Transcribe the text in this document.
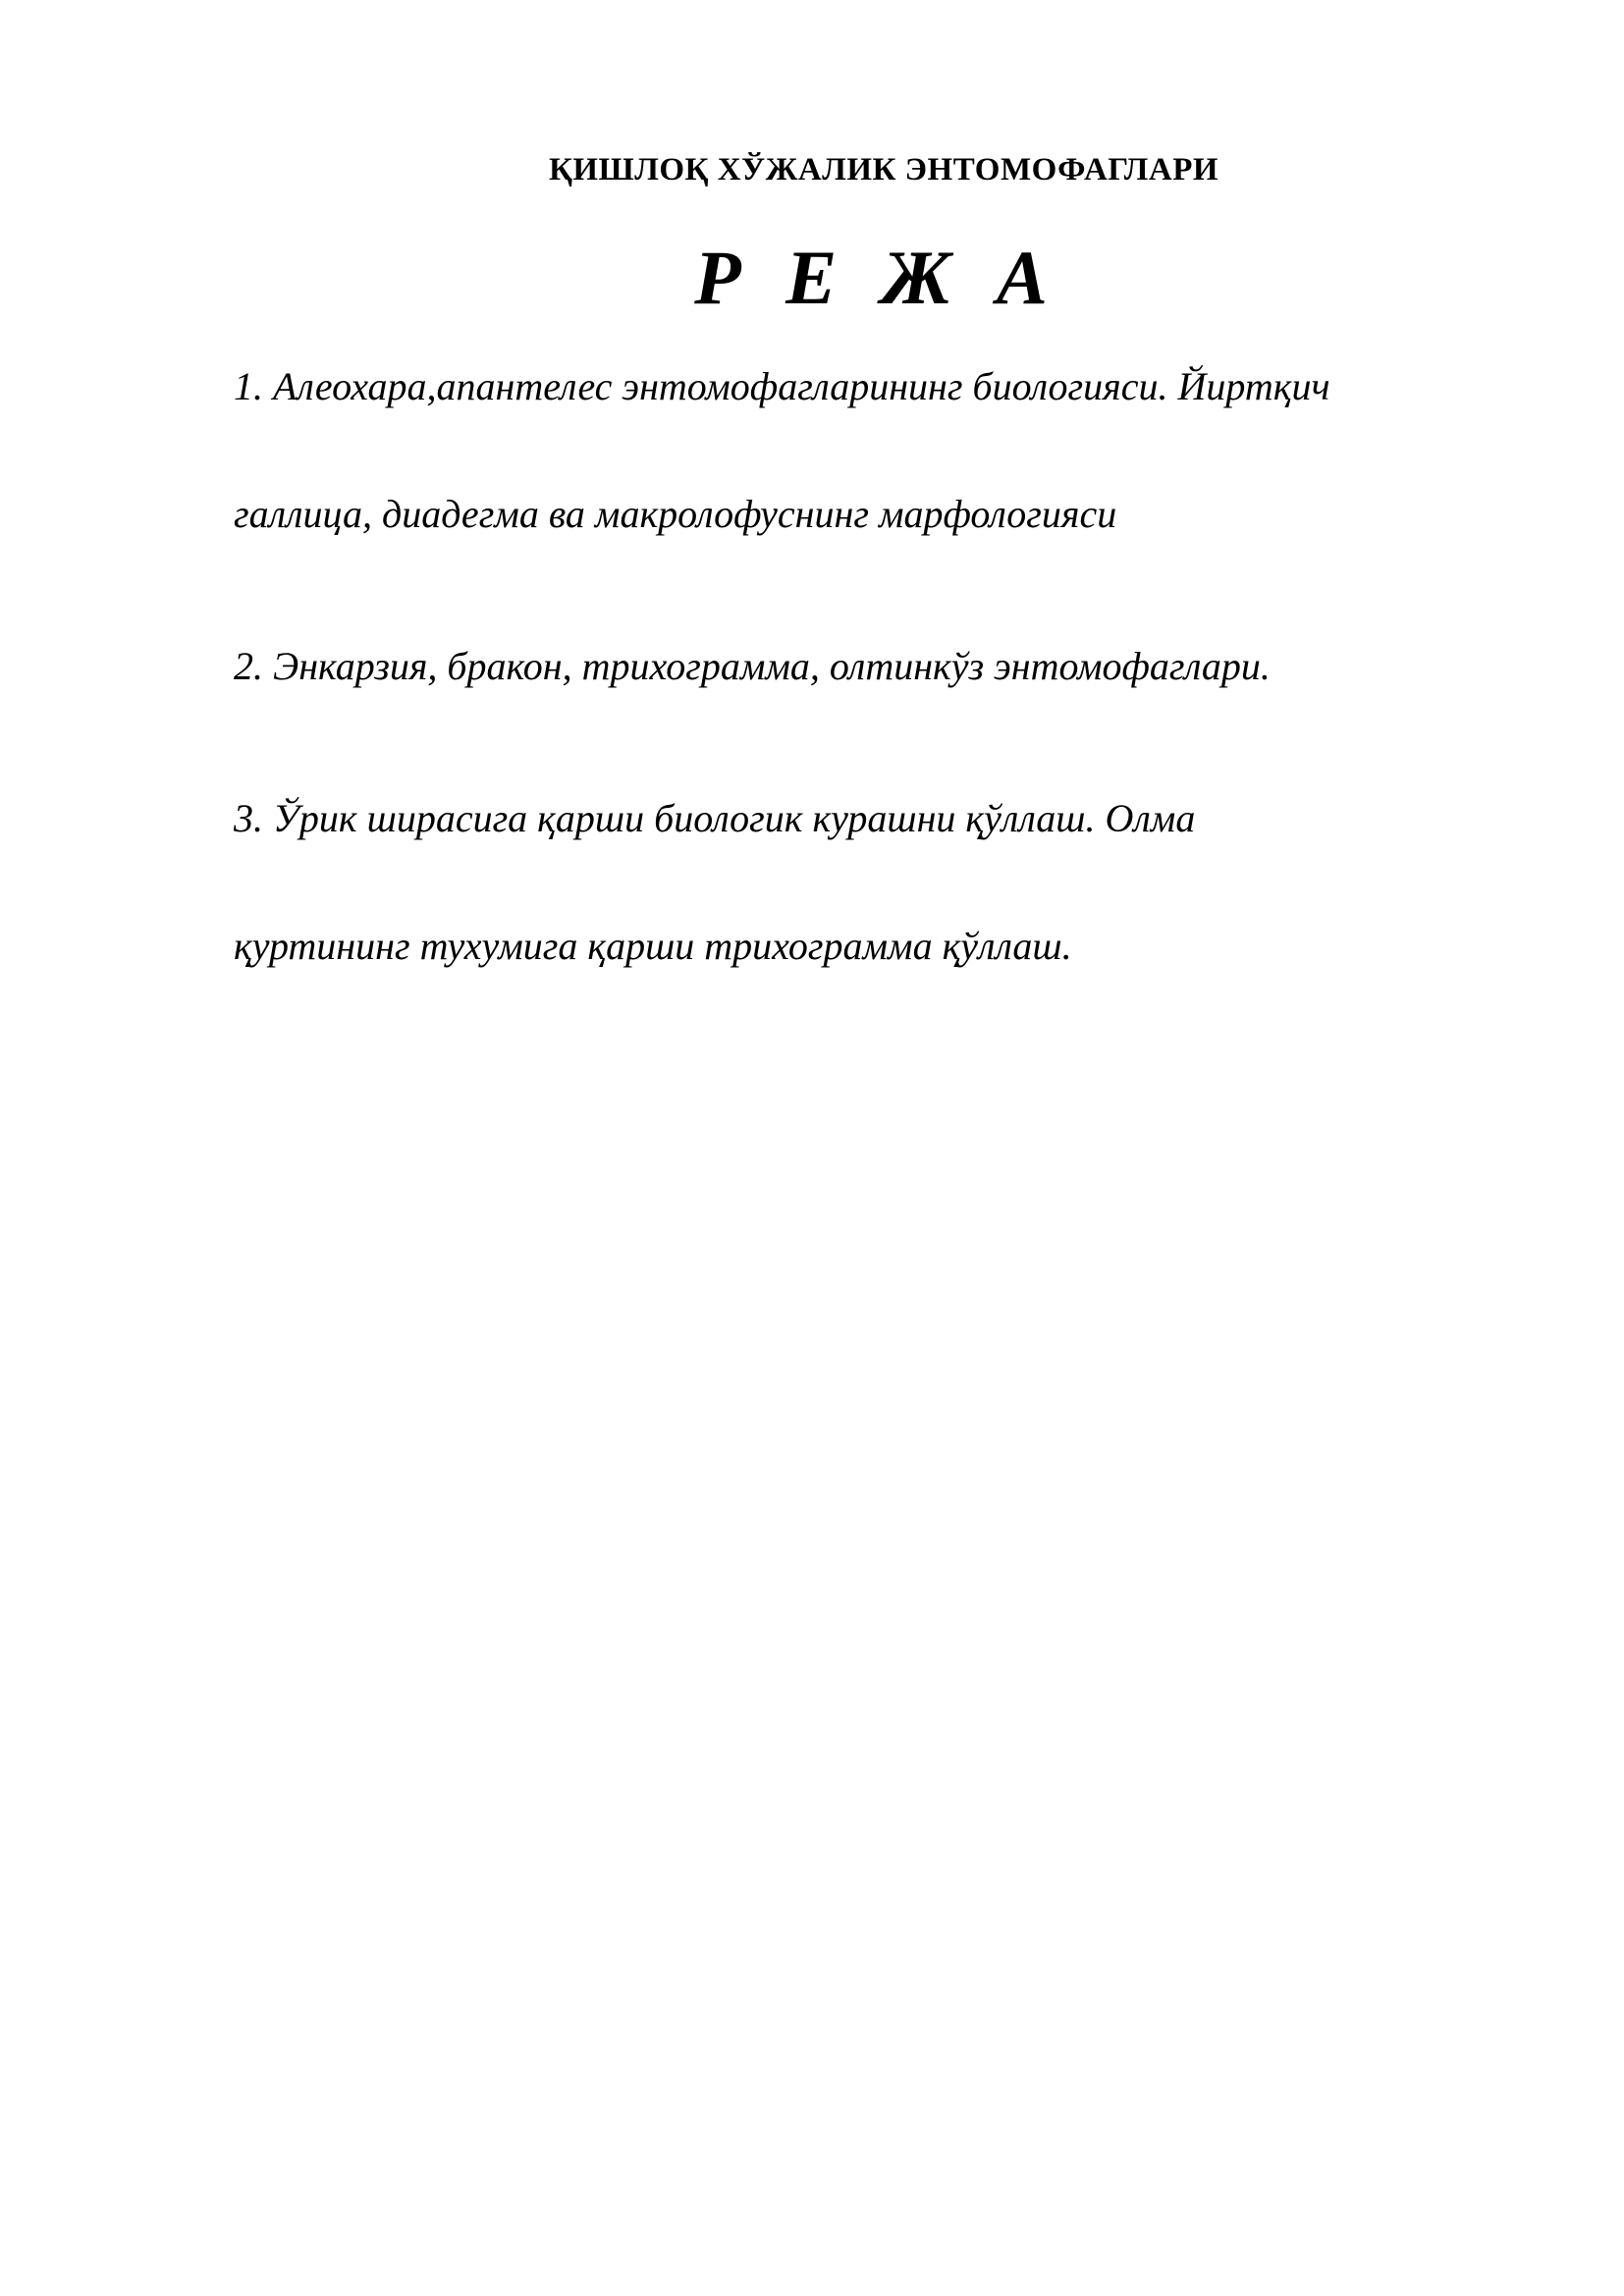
ҚИШЛОҚ ХЎЖАЛИК ЭНТОМОФАГЛАРИ
Р Е Ж А
1. Алеохара,апантелес энтомофагларининг биологияси. Йиртқич
галлица, диадегма ва макролофуснинг марфологияси
2. Энкарзия, бракон, трихограмма, олтинкўз энтомофаглари.
3. Ўрик ширасига қарши биологик курашни қўллаш. Олма
қуртининг тухумига қарши трихограмма қўллаш.
